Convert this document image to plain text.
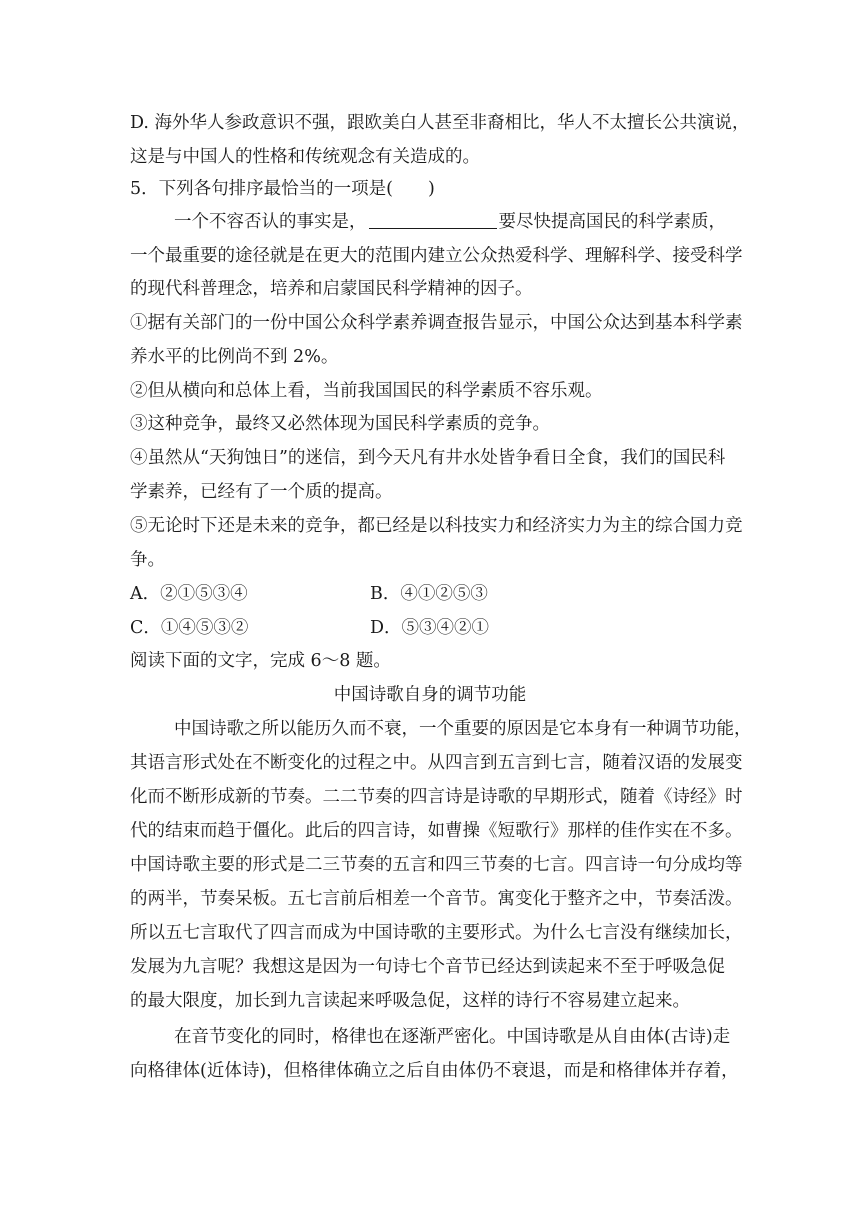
D. 海外华人参政意识不强，跟欧美白人甚至非裔相比，华人不太擅长公共演说，
这是与中国人的性格和传统观念有关造成的。
5．下列各句排序最恰当的一项是(　　)
一个不容否认的事实是，	要尽快提高国民的科学素质，
一个最重要的途径就是在更大的范围内建立公众热爱科学、理解科学、接受科学
的现代科普理念，培养和启蒙国民科学精神的因子。
①据有关部门的一份中国公众科学素养调查报告显示，中国公众达到基本科学素
养水平的比例尚不到 2%。
②但从横向和总体上看，当前我国国民的科学素质不容乐观。
③这种竞争，最终又必然体现为国民科学素质的竞争。
④虽然从“天狗蚀日”的迷信，到今天凡有井水处皆争看日全食，我们的国民科
学素养，已经有了一个质的提高。
⑤无论时下还是未来的竞争，都已经是以科技实力和经济实力为主的综合国力竞
争。
A．②①⑤③④	B．④①②⑤③
C．①④⑤③②	D．⑤③④②①
阅读下面的文字，完成 6～8 题。
中国诗歌自身的调节功能
中国诗歌之所以能历久而不衰，一个重要的原因是它本身有一种调节功能，
其语言形式处在不断变化的过程之中。从四言到五言到七言，随着汉语的发展变
化而不断形成新的节奏。二二节奏的四言诗是诗歌的早期形式，随着《诗经》时
代的结束而趋于僵化。此后的四言诗，如曹操《短歌行》那样的佳作实在不多。
中国诗歌主要的形式是二三节奏的五言和四三节奏的七言。四言诗一句分成均等
的两半，节奏呆板。五七言前后相差一个音节。寓变化于整齐之中，节奏活泼。
所以五七言取代了四言而成为中国诗歌的主要形式。为什么七言没有继续加长，
发展为九言呢？我想这是因为一句诗七个音节已经达到读起来不至于呼吸急促
的最大限度，加长到九言读起来呼吸急促，这样的诗行不容易建立起来。
在音节变化的同时，格律也在逐渐严密化。中国诗歌是从自由体(古诗)走
向格律体(近体诗)，但格律体确立之后自由体仍不衰退，而是和格律体并存着，
